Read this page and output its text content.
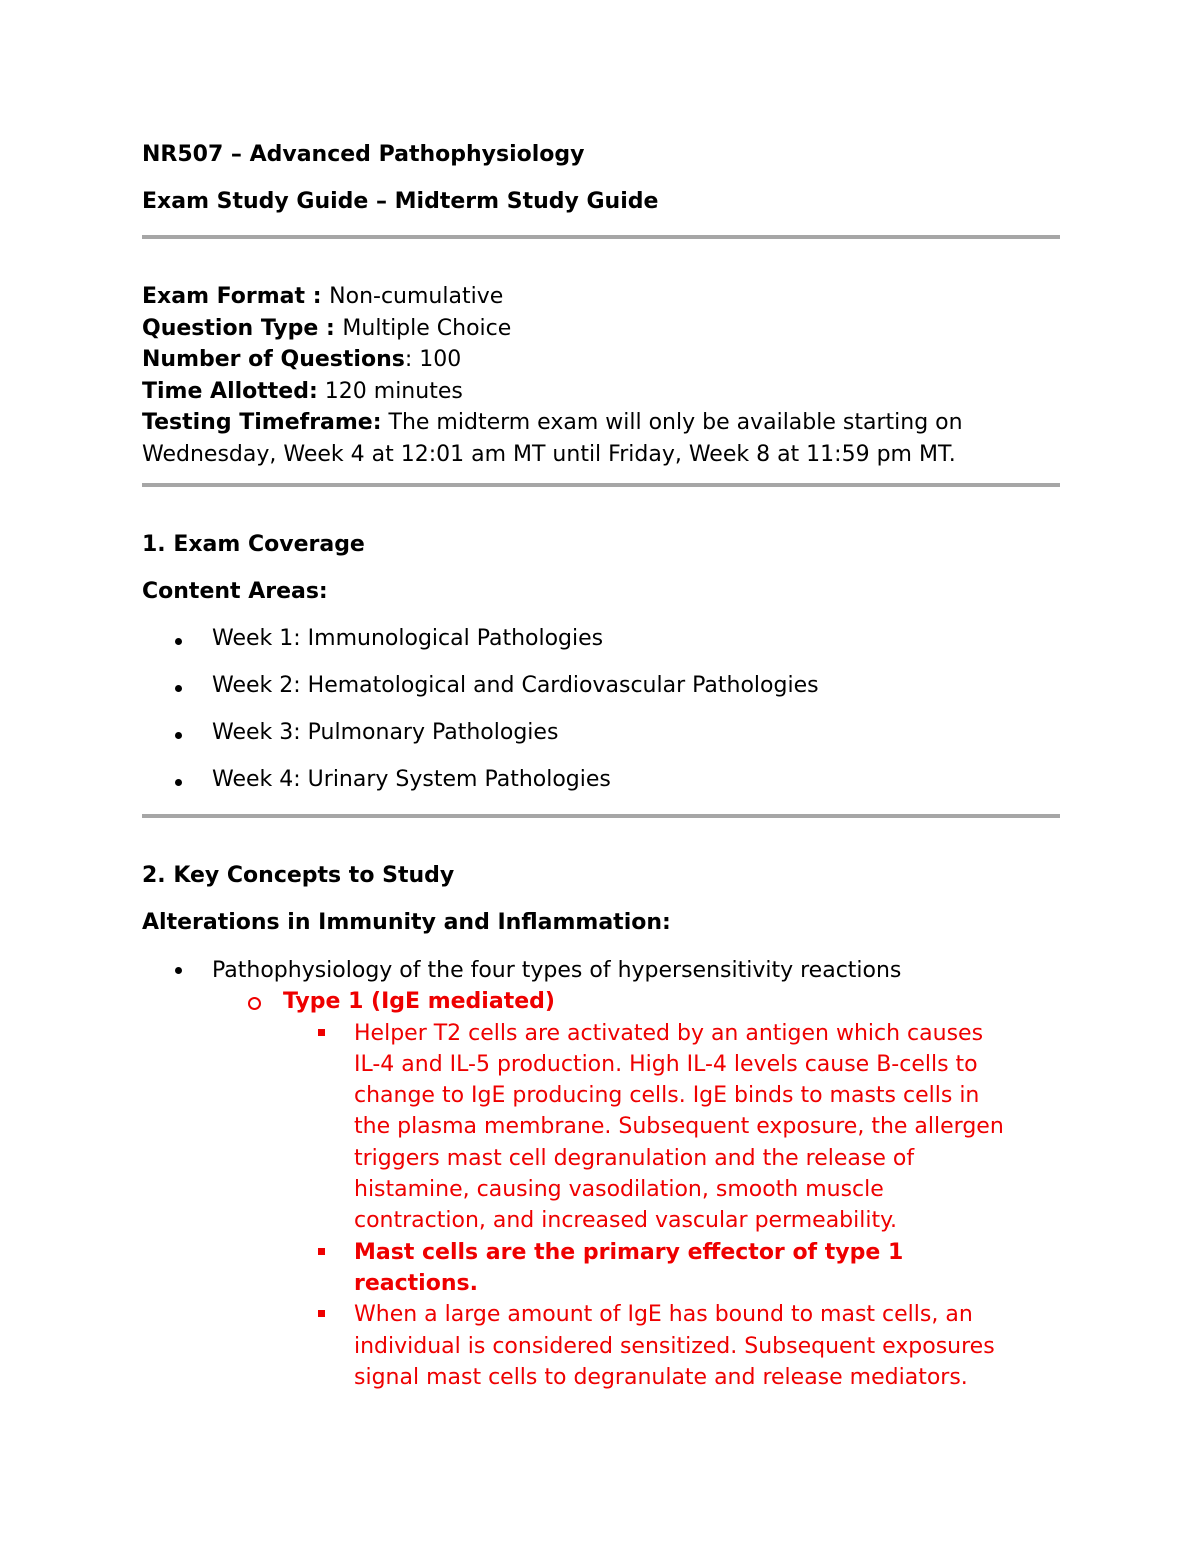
NR507 – Advanced Pathophysiology
Exam Study Guide – Midterm Study Guide
Exam Format : Non-cumulative
Question Type : Multiple Choice
Number of Questions: 100
Time Allotted: 120 minutes
Testing Timeframe: The midterm exam will only be available starting on
Wednesday, Week 4 at 12:01 am MT until Friday, Week 8 at 11:59 pm MT.
1. Exam Coverage
Content Areas:
Week 1: Immunological Pathologies
Week 2: Hematological and Cardiovascular Pathologies
Week 3: Pulmonary Pathologies
Week 4: Urinary System Pathologies
2. Key Concepts to Study
Alterations in Immunity and Inflammation:
Pathophysiology of the four types of hypersensitivity reactions
Type 1 (IgE mediated)
Helper T2 cells are activated by an antigen which causes
IL-4 and IL-5 production. High IL-4 levels cause B-cells to
change to IgE producing cells. IgE binds to masts cells in
the plasma membrane. Subsequent exposure, the allergen
triggers mast cell degranulation and the release of
histamine, causing vasodilation, smooth muscle
contraction, and increased vascular permeability.
Mast cells are the primary effector of type 1
reactions.
When a large amount of IgE has bound to mast cells, an
individual is considered sensitized. Subsequent exposures
signal mast cells to degranulate and release mediators.
